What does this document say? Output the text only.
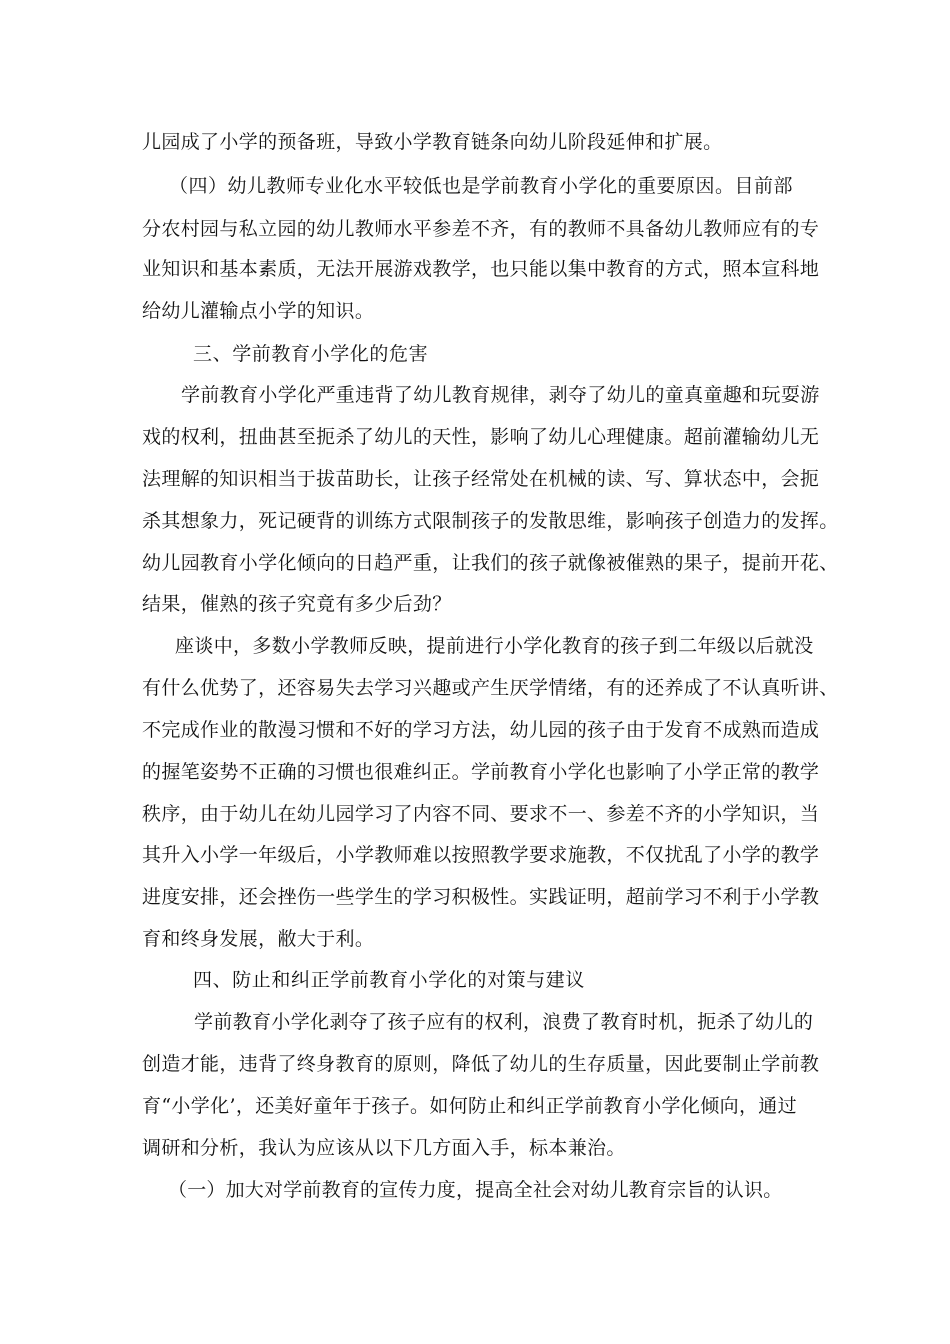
儿园成了小学的预备班，导致小学教育链条向幼儿阶段延伸和扩展。
（四）幼儿教师专业化水平较低也是学前教育小学化的重要原因。目前部
分农村园与私立园的幼儿教师水平参差不齐，有的教师不具备幼儿教师应有的专
业知识和基本素质，无法开展游戏教学，也只能以集中教育的方式，照本宣科地
给幼儿灌输点小学的知识。
三、学前教育小学化的危害
学前教育小学化严重违背了幼儿教育规律，剥夺了幼儿的童真童趣和玩耍游
戏的权利，扭曲甚至扼杀了幼儿的天性，影响了幼儿心理健康。超前灌输幼儿无
法理解的知识相当于拔苗助长，让孩子经常处在机械的读、写、算状态中，会扼
杀其想象力，死记硬背的训练方式限制孩子的发散思维，影响孩子创造力的发挥。
幼儿园教育小学化倾向的日趋严重，让我们的孩子就像被催熟的果子，提前开花、
结果，催熟的孩子究竟有多少后劲？
座谈中，多数小学教师反映，提前进行小学化教育的孩子到二年级以后就没
有什么优势了，还容易失去学习兴趣或产生厌学情绪，有的还养成了不认真听讲、
不完成作业的散漫习惯和不好的学习方法，幼儿园的孩子由于发育不成熟而造成
的握笔姿势不正确的习惯也很难纠正。学前教育小学化也影响了小学正常的教学
秩序，由于幼儿在幼儿园学习了内容不同、要求不一、参差不齐的小学知识，当
其升入小学一年级后，小学教师难以按照教学要求施教，不仅扰乱了小学的教学
进度安排，还会挫伤一些学生的学习积极性。实践证明，超前学习不利于小学教
育和终身发展，敝大于利。
四、防止和纠正学前教育小学化的对策与建议
学前教育小学化剥夺了孩子应有的权利，浪费了教育时机，扼杀了幼儿的
创造才能，违背了终身教育的原则，降低了幼儿的生存质量，因此要制止学前教
育“小学化’，还美好童年于孩子。如何防止和纠正学前教育小学化倾向，通过
调研和分析，我认为应该从以下几方面入手，标本兼治。
（一）加大对学前教育的宣传力度，提高全社会对幼儿教育宗旨的认识。
